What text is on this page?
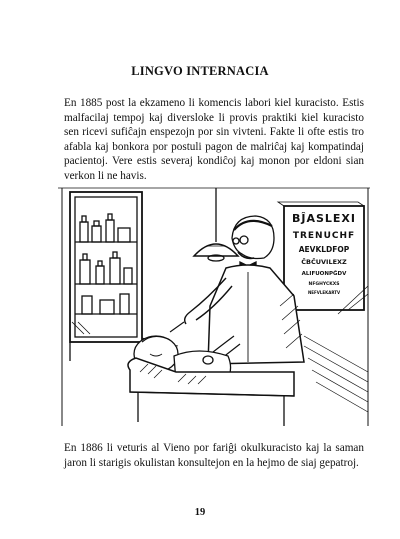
LINGVO INTERNACIA
En 1885 post la ekzameno li komencis labori kiel kuracisto. Estis malfacilaj tempoj kaj diversloke li provis praktiki kiel kuracisto sen ricevi sufiĉajn enspezojn por sin vivteni. Fakte li ofte estis tro afabla kaj bonkora por postuli pagon de malriĉaj kaj kompatindaj pacientoj. Vere estis severaj kondiĉoj kaj monon por eldoni sian verkon li ne havis.
BĴASLEXI
TRENUCHF
AEVKLDFOP
ĈBĈUVILEXZ
ALIFUONPĜDV
NFGHYCKXS
NEFVLEKARTV
En 1886 li veturis al Vieno por fariĝi okulkuracisto kaj la saman jaron li starigis okulistan konsultejon en la hejmo de siaj gepatroj.
19
